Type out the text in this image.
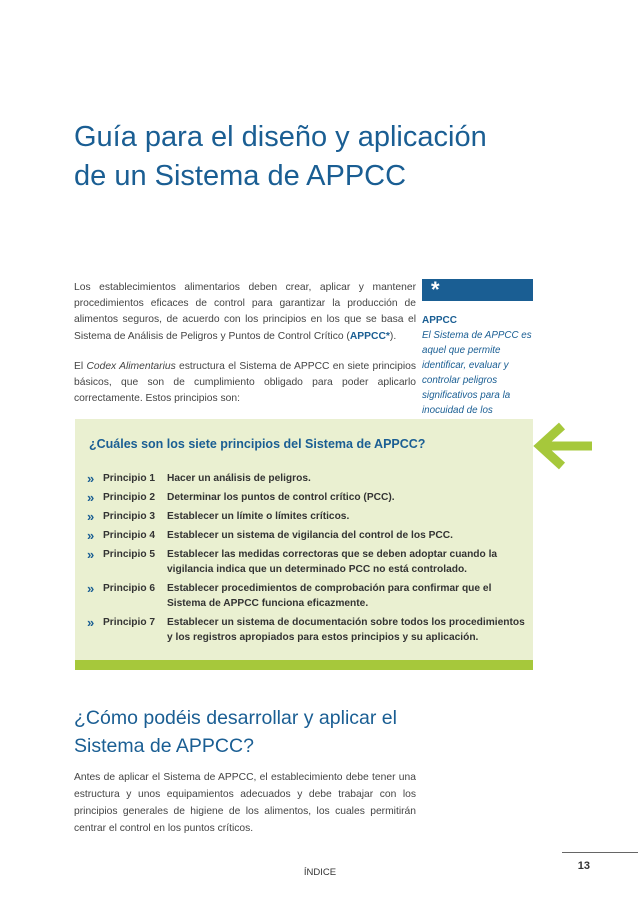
Guía para el diseño y aplicación
de un Sistema de APPCC

Los establecimientos alimentarios deben crear, aplicar y mantener procedimientos eficaces de control para garantizar la producción de alimentos seguros, de acuerdo con los principios en los que se basa el Sistema de Análisis de Peligros y Puntos de Control Crítico (APPCC*).

El Codex Alimentarius estructura el Sistema de APPCC en siete principios básicos, que son de cumplimiento obligado para poder aplicarlo correctamente. Estos principios son:

*
APPCC
El Sistema de APPCC es aquel que permite identificar, evaluar y controlar peligros significativos para la inocuidad de los
¿Cuáles son los siete principios del Sistema de APPCC?
» Principio 1	Hacer un análisis de peligros.
» Principio 2	Determinar los puntos de control crítico (PCC).
» Principio 3	Establecer un límite o límites críticos.
» Principio 4	Establecer un sistema de vigilancia del control de los PCC.
» Principio 5	Establecer las medidas correctoras que se deben adoptar cuando la vigilancia indica que un determinado PCC no está controlado.
» Principio 6	Establecer procedimientos de comprobación para confirmar que el Sistema de APPCC funciona eficazmente.
» Principio 7	Establecer un sistema de documentación sobre todos los procedimientos y los registros apropiados para estos principios y su aplicación.
¿Cómo podéis desarrollar y aplicar el Sistema de APPCC?

Antes de aplicar el Sistema de APPCC, el establecimiento debe tener una estructura y unos equipamientos adecuados y debe trabajar con los principios generales de higiene de los alimentos, los cuales permitirán centrar el control en los puntos críticos.

ÍNDICE
13
